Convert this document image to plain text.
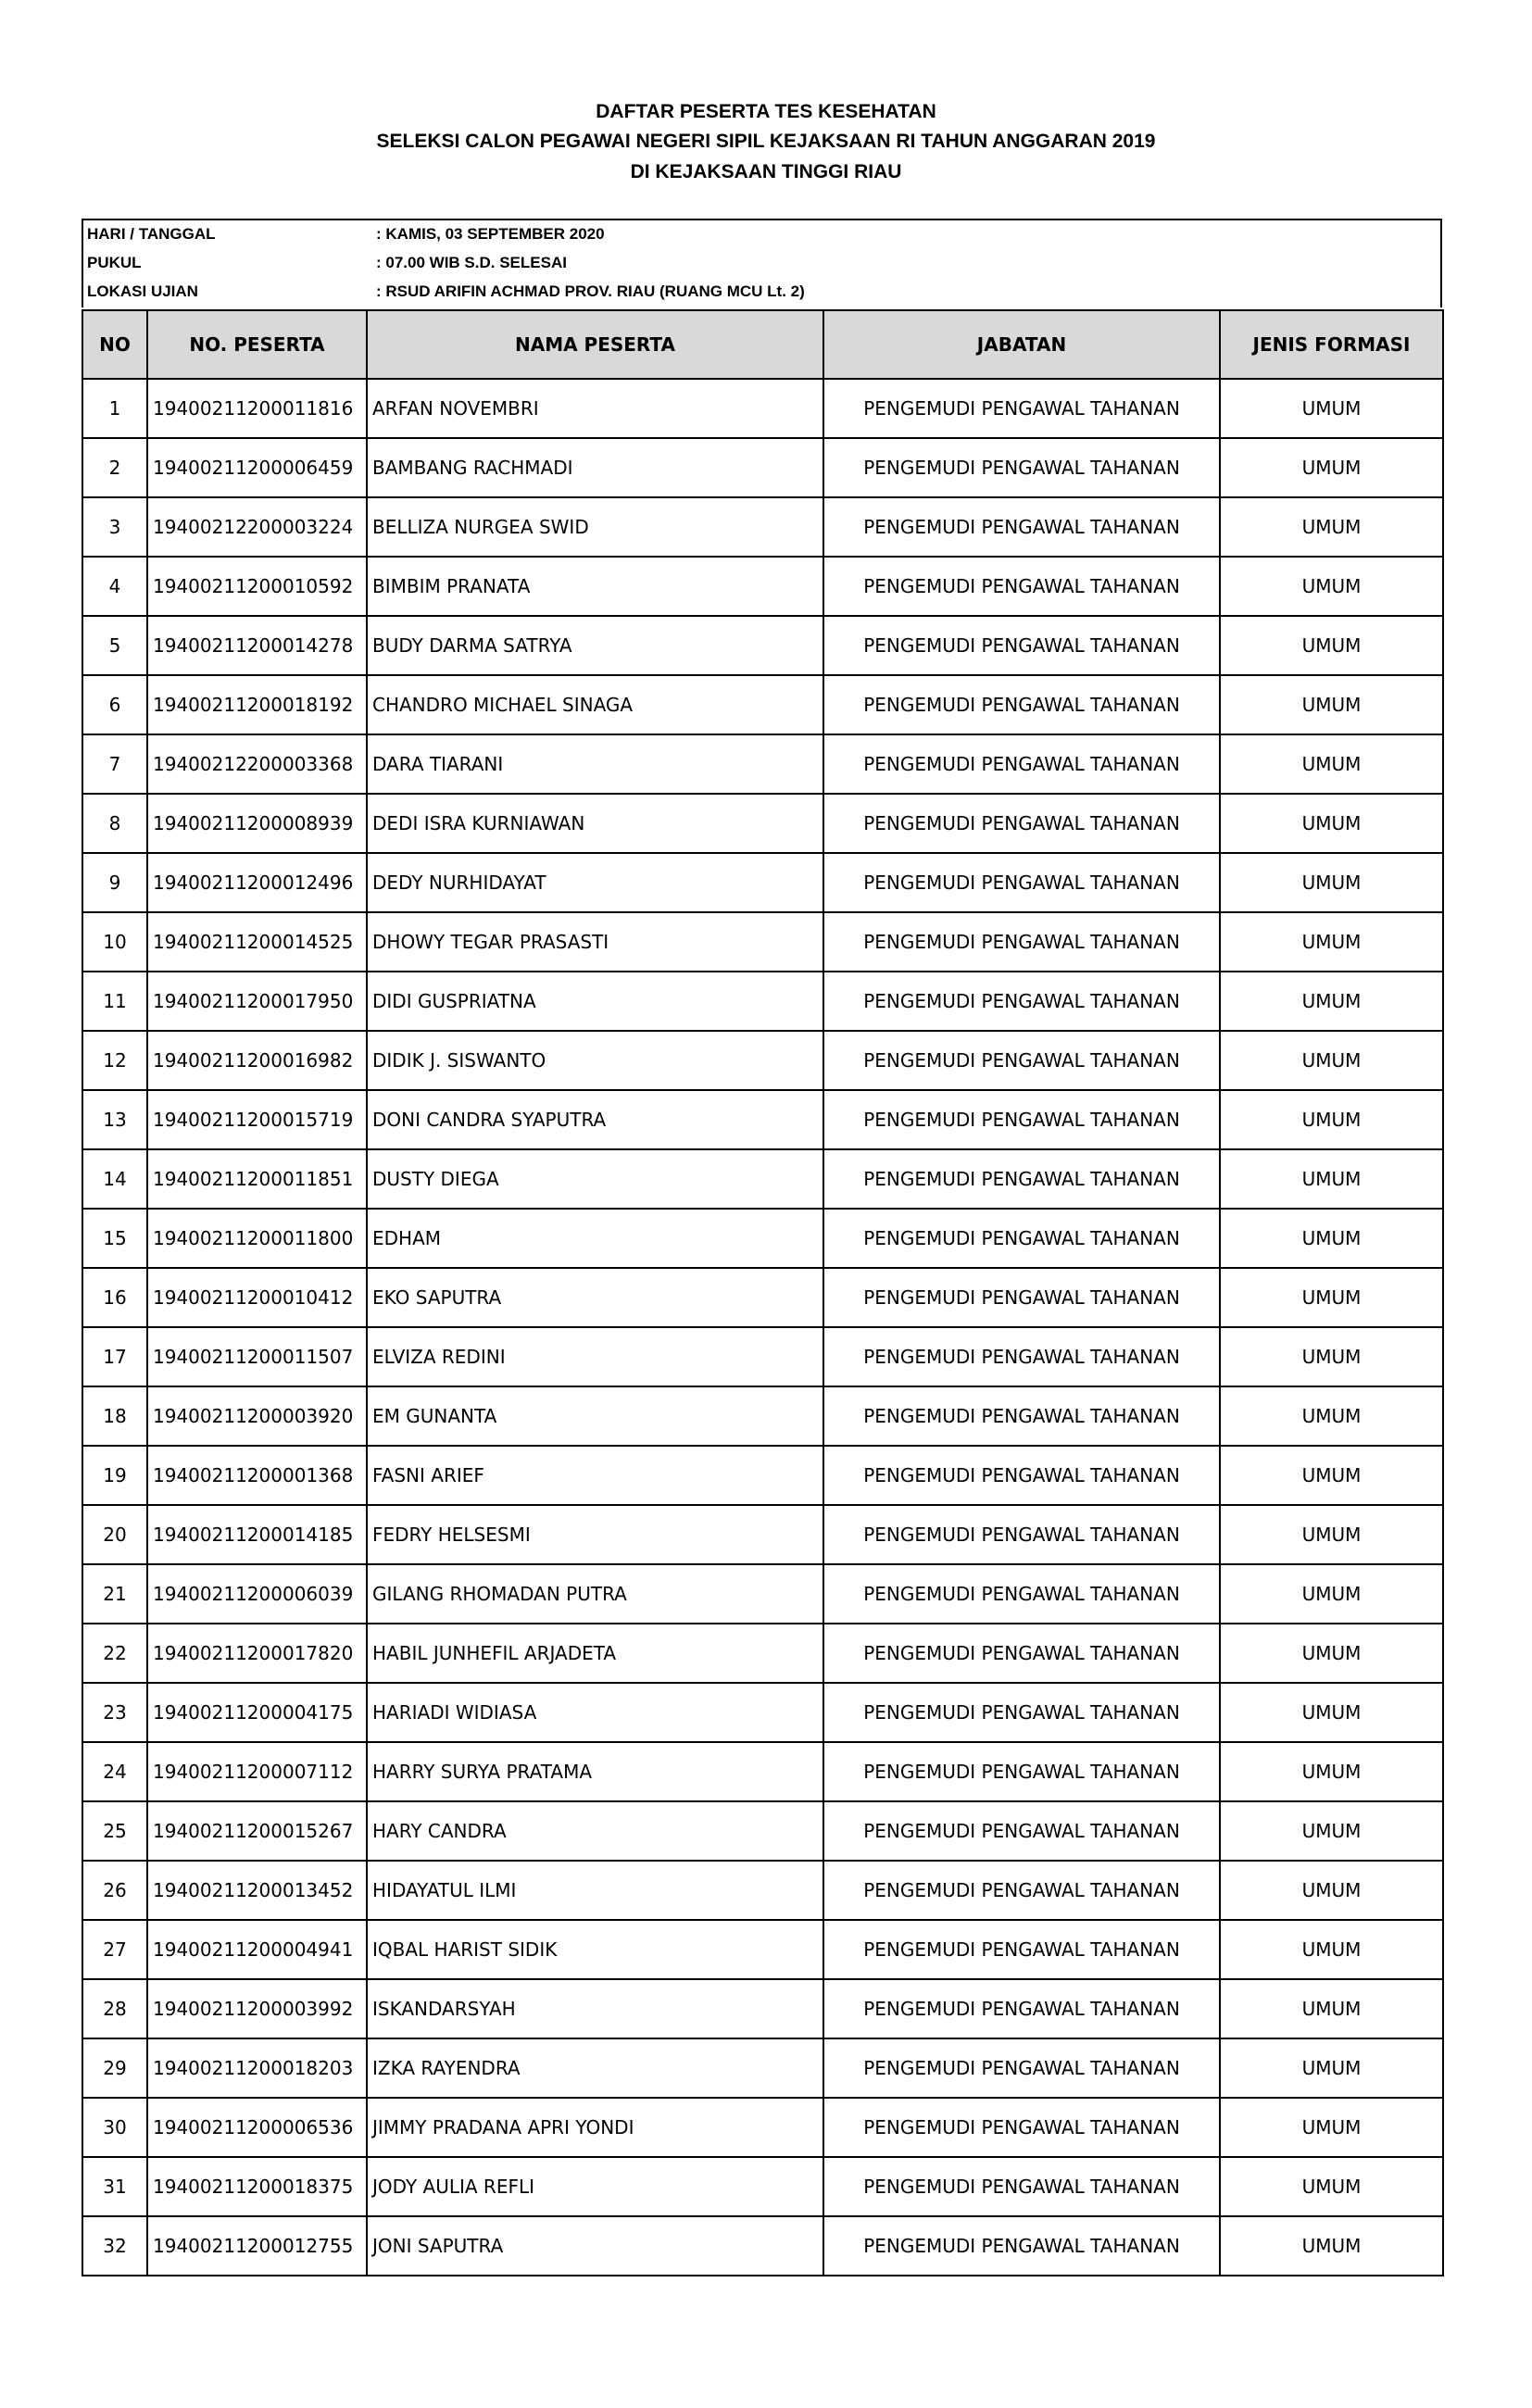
DAFTAR PESERTA TES KESEHATAN
SELEKSI CALON PEGAWAI NEGERI SIPIL KEJAKSAAN RI TAHUN ANGGARAN 2019
DI KEJAKSAAN TINGGI RIAU
HARI / TANGGAL	: KAMIS, 03 SEPTEMBER 2020
PUKUL	: 07.00 WIB S.D. SELESAI
LOKASI UJIAN	: RSUD ARIFIN ACHMAD PROV. RIAU (RUANG MCU Lt. 2)
NO	NO. PESERTA	NAMA PESERTA	JABATAN	JENIS FORMASI
1	19400211200011816	ARFAN NOVEMBRI	PENGEMUDI PENGAWAL TAHANAN	UMUM
2	19400211200006459	BAMBANG RACHMADI	PENGEMUDI PENGAWAL TAHANAN	UMUM
3	19400212200003224	BELLIZA NURGEA SWID	PENGEMUDI PENGAWAL TAHANAN	UMUM
4	19400211200010592	BIMBIM PRANATA	PENGEMUDI PENGAWAL TAHANAN	UMUM
5	19400211200014278	BUDY DARMA SATRYA	PENGEMUDI PENGAWAL TAHANAN	UMUM
6	19400211200018192	CHANDRO MICHAEL SINAGA	PENGEMUDI PENGAWAL TAHANAN	UMUM
7	19400212200003368	DARA TIARANI	PENGEMUDI PENGAWAL TAHANAN	UMUM
8	19400211200008939	DEDI ISRA KURNIAWAN	PENGEMUDI PENGAWAL TAHANAN	UMUM
9	19400211200012496	DEDY NURHIDAYAT	PENGEMUDI PENGAWAL TAHANAN	UMUM
10	19400211200014525	DHOWY TEGAR PRASASTI	PENGEMUDI PENGAWAL TAHANAN	UMUM
11	19400211200017950	DIDI GUSPRIATNA	PENGEMUDI PENGAWAL TAHANAN	UMUM
12	19400211200016982	DIDIK J. SISWANTO	PENGEMUDI PENGAWAL TAHANAN	UMUM
13	19400211200015719	DONI CANDRA SYAPUTRA	PENGEMUDI PENGAWAL TAHANAN	UMUM
14	19400211200011851	DUSTY DIEGA	PENGEMUDI PENGAWAL TAHANAN	UMUM
15	19400211200011800	EDHAM	PENGEMUDI PENGAWAL TAHANAN	UMUM
16	19400211200010412	EKO SAPUTRA	PENGEMUDI PENGAWAL TAHANAN	UMUM
17	19400211200011507	ELVIZA REDINI	PENGEMUDI PENGAWAL TAHANAN	UMUM
18	19400211200003920	EM GUNANTA	PENGEMUDI PENGAWAL TAHANAN	UMUM
19	19400211200001368	FASNI ARIEF	PENGEMUDI PENGAWAL TAHANAN	UMUM
20	19400211200014185	FEDRY HELSESMI	PENGEMUDI PENGAWAL TAHANAN	UMUM
21	19400211200006039	GILANG RHOMADAN PUTRA	PENGEMUDI PENGAWAL TAHANAN	UMUM
22	19400211200017820	HABIL JUNHEFIL ARJADETA	PENGEMUDI PENGAWAL TAHANAN	UMUM
23	19400211200004175	HARIADI WIDIASA	PENGEMUDI PENGAWAL TAHANAN	UMUM
24	19400211200007112	HARRY SURYA PRATAMA	PENGEMUDI PENGAWAL TAHANAN	UMUM
25	19400211200015267	HARY CANDRA	PENGEMUDI PENGAWAL TAHANAN	UMUM
26	19400211200013452	HIDAYATUL ILMI	PENGEMUDI PENGAWAL TAHANAN	UMUM
27	19400211200004941	IQBAL HARIST SIDIK	PENGEMUDI PENGAWAL TAHANAN	UMUM
28	19400211200003992	ISKANDARSYAH	PENGEMUDI PENGAWAL TAHANAN	UMUM
29	19400211200018203	IZKA RAYENDRA	PENGEMUDI PENGAWAL TAHANAN	UMUM
30	19400211200006536	JIMMY PRADANA APRI YONDI	PENGEMUDI PENGAWAL TAHANAN	UMUM
31	19400211200018375	JODY AULIA REFLI	PENGEMUDI PENGAWAL TAHANAN	UMUM
32	19400211200012755	JONI SAPUTRA	PENGEMUDI PENGAWAL TAHANAN	UMUM
